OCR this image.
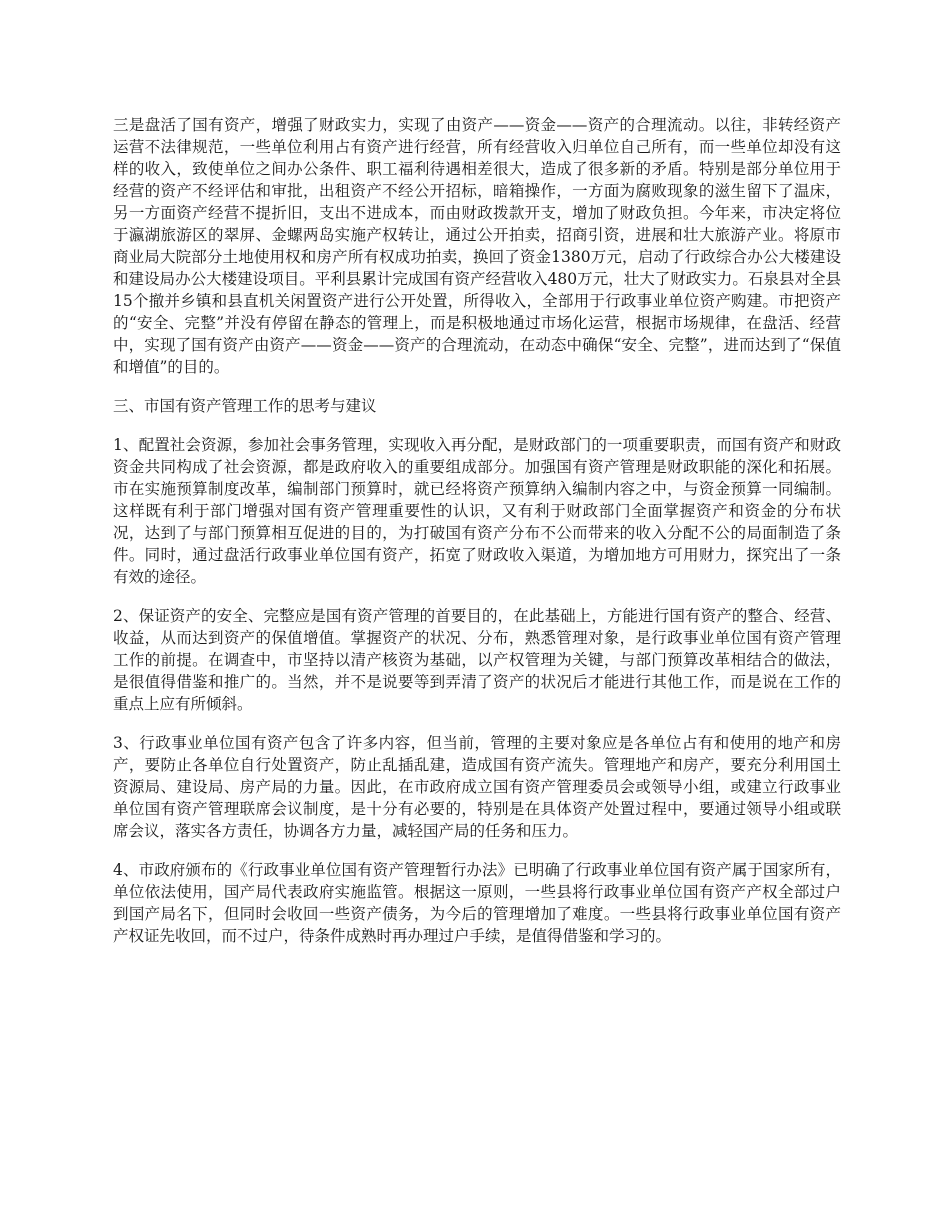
三是盘活了国有资产，增强了财政实力，实现了由资产——资金——资产的合理流动。以往，非转经资产运营不法律规范，一些单位利用占有资产进行经营，所有经营收入归单位自己所有，而一些单位却没有这样的收入，致使单位之间办公条件、职工福利待遇相差很大，造成了很多新的矛盾。特别是部分单位用于经营的资产不经评估和审批，出租资产不经公开招标，暗箱操作，一方面为腐败现象的滋生留下了温床，另一方面资产经营不提折旧，支出不进成本，而由财政拨款开支，增加了财政负担。今年来，市决定将位于瀛湖旅游区的翠屏、金螺两岛实施产权转让，通过公开拍卖，招商引资，进展和壮大旅游产业。将原市商业局大院部分土地使用权和房产所有权成功拍卖，换回了资金1380万元，启动了行政综合办公大楼建设和建设局办公大楼建设项目。平利县累计完成国有资产经营收入480万元，壮大了财政实力。石泉县对全县15个撤并乡镇和县直机关闲置资产进行公开处置，所得收入，全部用于行政事业单位资产购建。市把资产的“安全、完整”并没有停留在静态的管理上，而是积极地通过市场化运营，根据市场规律，在盘活、经营中，实现了国有资产由资产——资金——资产的合理流动，在动态中确保“安全、完整”，进而达到了“保值和增值”的目的。

三、市国有资产管理工作的思考与建议

1、配置社会资源，参加社会事务管理，实现收入再分配，是财政部门的一项重要职责，而国有资产和财政资金共同构成了社会资源，都是政府收入的重要组成部分。加强国有资产管理是财政职能的深化和拓展。市在实施预算制度改革，编制部门预算时，就已经将资产预算纳入编制内容之中，与资金预算一同编制。这样既有利于部门增强对国有资产管理重要性的认识，又有利于财政部门全面掌握资产和资金的分布状况，达到了与部门预算相互促进的目的，为打破国有资产分布不公而带来的收入分配不公的局面制造了条件。同时，通过盘活行政事业单位国有资产，拓宽了财政收入渠道，为增加地方可用财力，探究出了一条有效的途径。

2、保证资产的安全、完整应是国有资产管理的首要目的，在此基础上，方能进行国有资产的整合、经营、收益，从而达到资产的保值增值。掌握资产的状况、分布，熟悉管理对象，是行政事业单位国有资产管理工作的前提。在调查中，市坚持以清产核资为基础，以产权管理为关键，与部门预算改革相结合的做法，是很值得借鉴和推广的。当然，并不是说要等到弄清了资产的状况后才能进行其他工作，而是说在工作的重点上应有所倾斜。

3、行政事业单位国有资产包含了许多内容，但当前，管理的主要对象应是各单位占有和使用的地产和房产，要防止各单位自行处置资产，防止乱插乱建，造成国有资产流失。管理地产和房产，要充分利用国土资源局、建设局、房产局的力量。因此，在市政府成立国有资产管理委员会或领导小组，或建立行政事业单位国有资产管理联席会议制度，是十分有必要的，特别是在具体资产处置过程中，要通过领导小组或联席会议，落实各方责任，协调各方力量，减轻国产局的任务和压力。

4、市政府颁布的《行政事业单位国有资产管理暂行办法》已明确了行政事业单位国有资产属于国家所有，单位依法使用，国产局代表政府实施监管。根据这一原则，一些县将行政事业单位国有资产产权全部过户到国产局名下，但同时会收回一些资产债务，为今后的管理增加了难度。一些县将行政事业单位国有资产产权证先收回，而不过户，待条件成熟时再办理过户手续，是值得借鉴和学习的。
